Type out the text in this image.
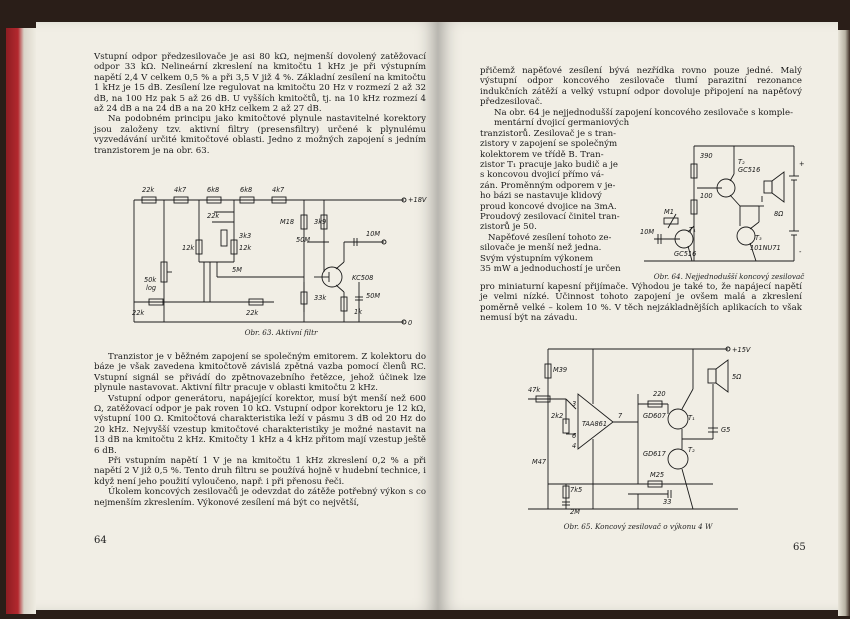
Vstupní odpor předzesilovače je asi 80 kΩ, nejmenší dovolený zatěžovací odpor 33 kΩ. Nelineární zkreslení na kmitočtu 1 kHz je při výstupním napětí 2,4 V celkem 0,5 % a při 3,5 V již 4 %. Základní zesílení na kmitočtu 1 kHz je 15 dB. Zesílení lze regulovat na kmitočtu 20 Hz v rozmezí 2 až 32 dB, na 100 Hz pak 5 až 26 dB. U vyšších kmitočtů, tj. na 10 kHz rozmezí 4 až 24 dB a na 24 dB a na 20 kHz celkem 2 až 27 dB.

Na podobném principu jako kmitočtové plynule nastavitelné korektory jsou založeny tzv. aktivní filtry (presensfiltry) určené k plynulému vyzvedávání určité kmitočtové oblasti. Jedno z možných zapojení s jedním tranzistorem je na obr. 63.

22k	4k7	6k8	6k8	4k7
+18V
22k
M18	3k9
3k3
12k	12k
50M
10M
50k
log
5M
KC508
33k	50M
22k	22k	1k
0
Obr. 63. Aktivní filtr

Tranzistor je v běžném zapojení se společným emitorem. Z kolektoru do báze je však zavedena kmitočtově závislá zpětná vazba pomocí členů RC. Vstupní signál se přivádí do zpětnovazebního řetězce, jehož účinek lze plynule nastavovat. Aktivní filtr pracuje v oblasti kmitočtu 2 kHz.

Vstupní odpor generátoru, napájející korektor, musí být menší než 600 Ω, zatěžovací odpor je pak roven 10 kΩ. Vstupní odpor korektoru je 12 kΩ, výstupní 100 Ω. Kmitočtová charakteristika leží v pásmu 3 dB od 20 Hz do 20 kHz. Nejvyšší vzestup kmitočtové charakteristiky je možné nastavit na 13 dB na kmitočtu 2 kHz. Kmitočty 1 kHz a 4 kHz přitom mají vzestup ještě 6 dB.

Při vstupním napětí 1 V je na kmitočtu 1 kHz zkreslení 0,2 % a při napětí 2 V již 0,5 %. Tento druh filtru se používá hojně v hudební technice, i když není jeho použití vyloučeno, např. i při přenosu řeči.

Úkolem koncových zesilovačů je odevzdat do zátěže potřebný výkon s co nejmenším zkreslením. Výkonové zesílení má být co největší,

64

přičemž napěťové zesílení bývá nezřídka rovno pouze jedné. Malý výstupní odpor koncového zesilovače tlumí parazitní rezonance indukčních zátěží a velký vstupní odpor dovoluje připojení na napěťový předzesilovač.

Na obr. 64 je nejjednodušší zapojení koncového zesilovače s komple-

mentární dvojicí germaniových

tranzistorů. Zesilovač je s tran-

zistory v zapojení se společným

kolektorem ve třídě B. Tran-

zistor T₁ pracuje jako budič a je

s koncovou dvojicí přímo vá-

zán. Proměnným odporem v je-

ho bázi se nastavuje klidový

proud koncové dvojice na 3mA.

Proudový zesilovací činitel tran-

zistorů je 50.

Napěťové zesílení tohoto ze-

silovače je menší než jedna.

Svým výstupním výkonem

35 mW a jednoduchostí je určen

390
T₂
GC516
100
M1
10M	T₁
GC516
T₃
101NU71
8Ω
+
-
Obr. 64. Nejjednodušší koncový zesilovač

pro miniaturní kapesní přijímače. Výhodou je také to, že napájecí napětí je velmi nízké. Účinnost tohoto zapojení je ovšem malá a zkreslení poměrně velké – kolem 10 %. V těch nejzákladnějších aplikacích to však nemusí být na závadu.

M39
+15V
5Ω
47k
3
220
2k2
TAA861
7	GD607	T₁
G5
6
4
GD617	T₂
M47
M25
7k5
33
2M
Obr. 65. Koncový zesilovač o výkonu 4 W
65
